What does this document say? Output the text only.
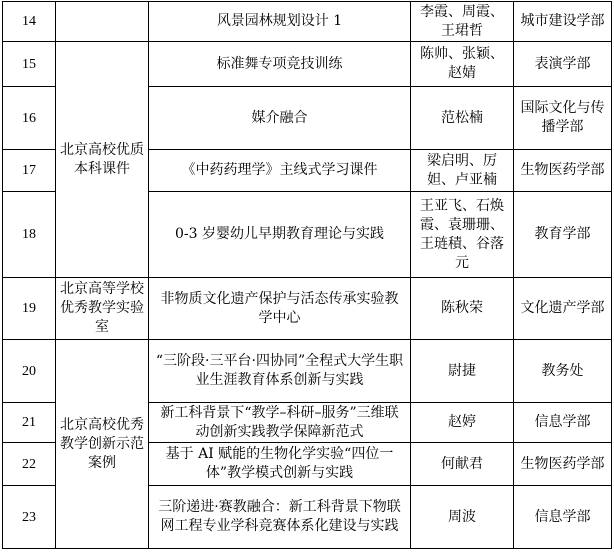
14		风景园林规划设计 1	李霞、周霞、王珺哲	城市建设学部
15	北京高校优质本科课件	标准舞专项竞技训练	陈帅、张颖、赵婧	表演学部
16		媒介融合	范松楠	国际文化与传播学部
17		《中药药理学》主线式学习课件	梁启明、厉妲、卢亚楠	生物医药学部
18		0-3 岁婴幼儿早期教育理论与实践	王亚飞、石焕霞、袁珊珊、王琏積、谷落元	教育学部
19	北京高等学校优秀教学实验室	非物质文化遗产保护与活态传承实验教学中心	陈秋荣	文化遗产学部
20	北京高校优秀教学创新示范案例	“三阶段·三平台·四协同”全程式大学生职业生涯教育体系创新与实践	尉捷	教务处
21		新工科背景下“教学–科研–服务”三维联动创新实践教学保障新范式	赵婷	信息学部
22		基于 AI 赋能的生物化学实验“四位一体”教学模式创新与实践	何献君	生物医药学部
23		三阶递进·赛教融合：新工科背景下物联网工程专业学科竞赛体系化建设与实践	周波	信息学部
